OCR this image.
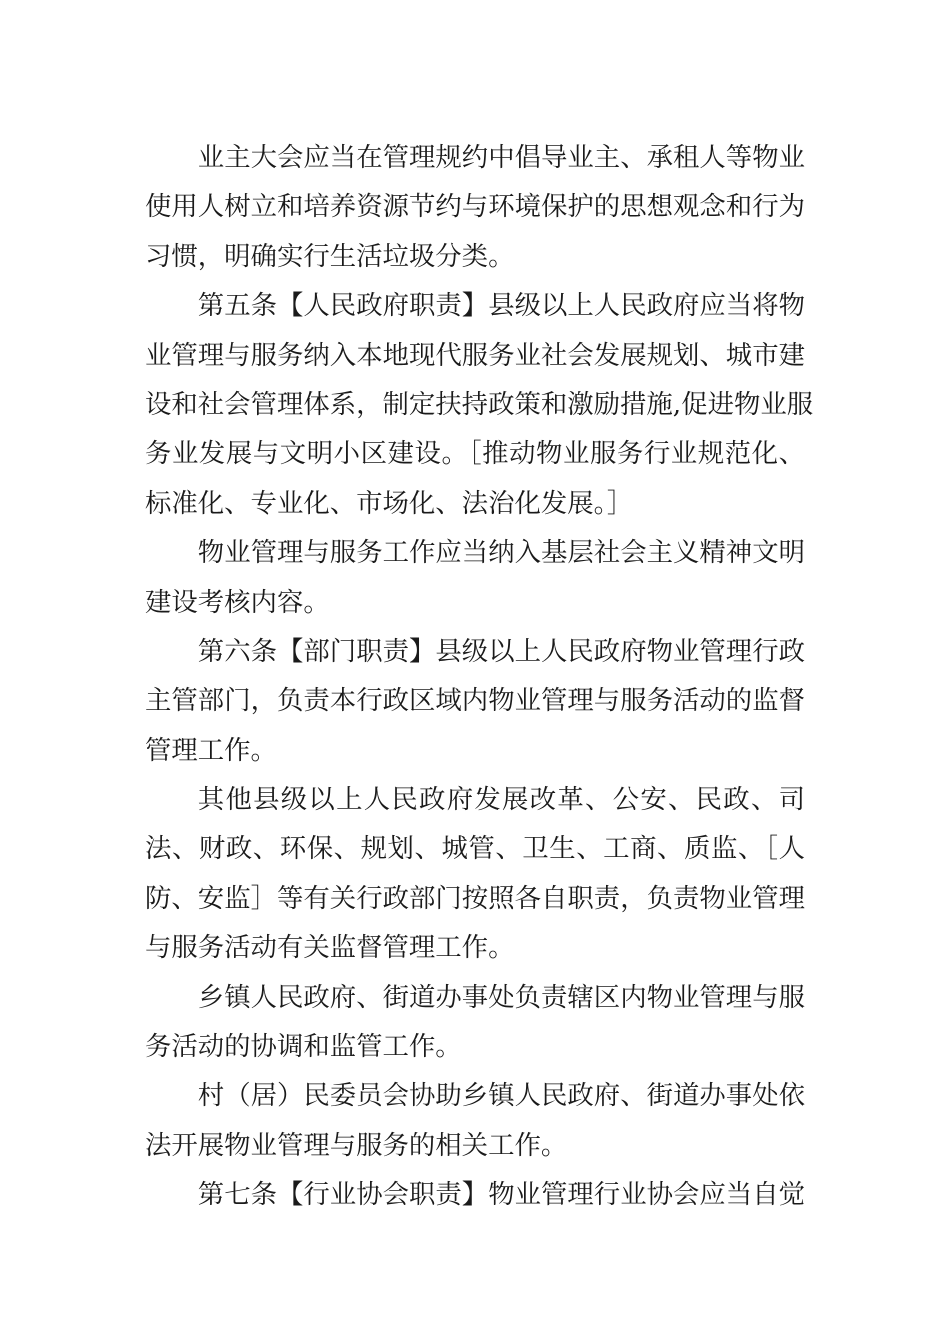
业主大会应当在管理规约中倡导业主、承租人等物业
使用人树立和培养资源节约与环境保护的思想观念和行为
习惯，明确实行生活垃圾分类。
第五条【人民政府职责】县级以上人民政府应当将物
业管理与服务纳入本地现代服务业社会发展规划、城市建
设和社会管理体系，制定扶持政策和激励措施,促进物业服
务业发展与文明小区建设。［推动物业服务行业规范化、
标准化、专业化、市场化、法治化发展。］
物业管理与服务工作应当纳入基层社会主义精神文明
建设考核内容。
第六条【部门职责】县级以上人民政府物业管理行政
主管部门，负责本行政区域内物业管理与服务活动的监督
管理工作。
其他县级以上人民政府发展改革、公安、民政、司
法、财政、环保、规划、城管、卫生、工商、质监、［人
防、安监］等有关行政部门按照各自职责，负责物业管理
与服务活动有关监督管理工作。
乡镇人民政府、街道办事处负责辖区内物业管理与服
务活动的协调和监管工作。
村（居）民委员会协助乡镇人民政府、街道办事处依
法开展物业管理与服务的相关工作。
第七条【行业协会职责】物业管理行业协会应当自觉
